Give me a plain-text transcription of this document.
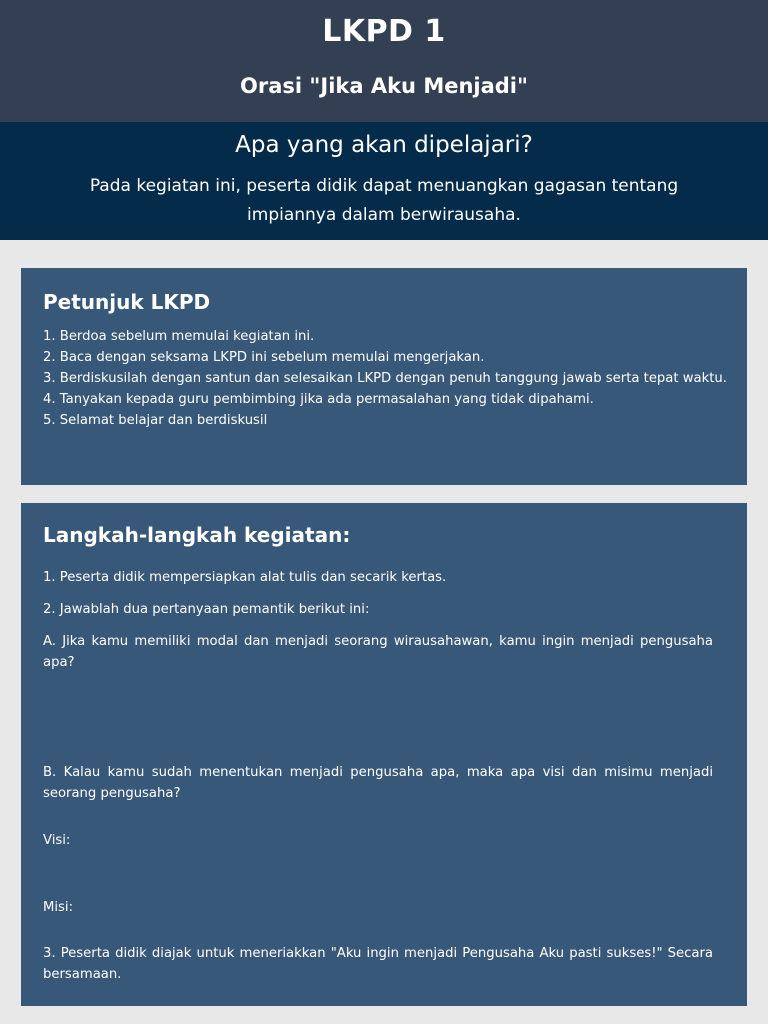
LKPD 1
Orasi "Jika Aku Menjadi"
Apa yang akan dipelajari?
Pada kegiatan ini, peserta didik dapat menuangkan gagasan tentang impiannya dalam berwirausaha.
Petunjuk LKPD

1. Berdoa sebelum memulai kegiatan ini.

2. Baca dengan seksama LKPD ini sebelum memulai mengerjakan.

3. Berdiskusilah dengan santun dan selesaikan LKPD dengan penuh tanggung jawab serta tepat waktu.

4. Tanyakan kepada guru pembimbing jika ada permasalahan yang tidak dipahami.

5. Selamat belajar dan berdiskusil

Langkah-langkah kegiatan:

1. Peserta didik mempersiapkan alat tulis dan secarik kertas.

2. Jawablah dua pertanyaan pemantik berikut ini:

A. Jika kamu memiliki modal dan menjadi seorang wirausahawan, kamu ingin menjadi pengusaha apa?

B. Kalau kamu sudah menentukan menjadi pengusaha apa, maka apa visi dan misimu menjadi seorang pengusaha?

Visi:

Misi:

3. Peserta didik diajak untuk meneriakkan "Aku ingin menjadi Pengusaha Aku pasti sukses!" Secara bersamaan.
